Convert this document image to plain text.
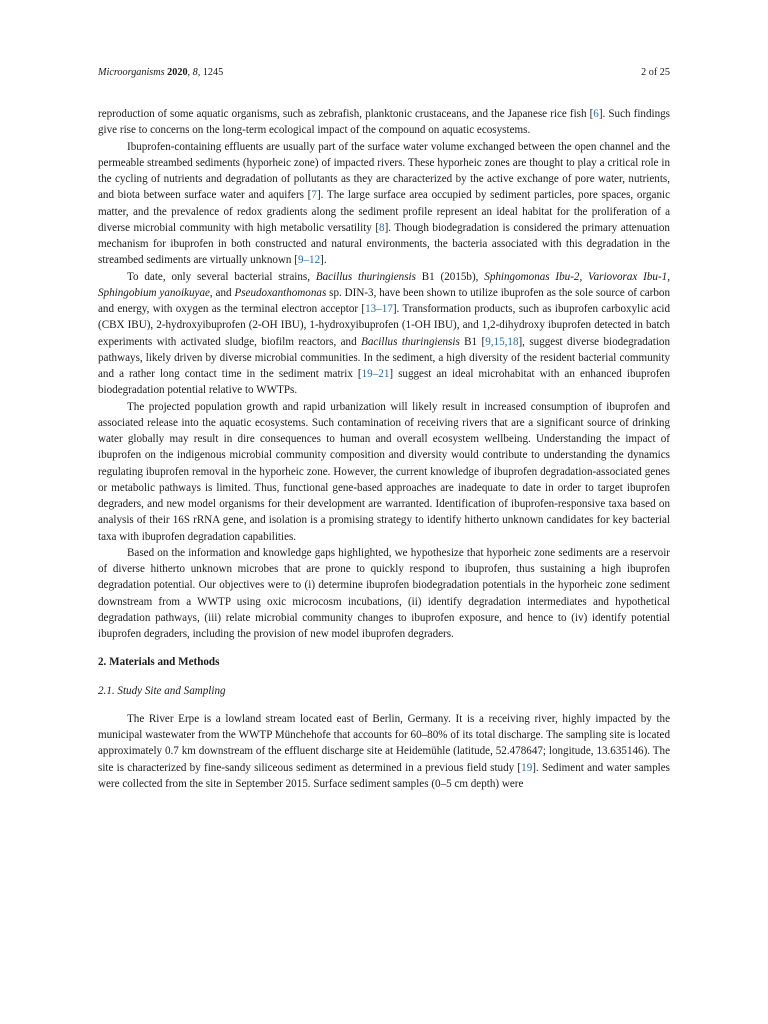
Microorganisms 2020, 8, 1245	2 of 25

reproduction of some aquatic organisms, such as zebrafish, planktonic crustaceans, and the Japanese rice fish [6]. Such findings give rise to concerns on the long-term ecological impact of the compound on aquatic ecosystems.

Ibuprofen-containing effluents are usually part of the surface water volume exchanged between the open channel and the permeable streambed sediments (hyporheic zone) of impacted rivers. These hyporheic zones are thought to play a critical role in the cycling of nutrients and degradation of pollutants as they are characterized by the active exchange of pore water, nutrients, and biota between surface water and aquifers [7]. The large surface area occupied by sediment particles, pore spaces, organic matter, and the prevalence of redox gradients along the sediment profile represent an ideal habitat for the proliferation of a diverse microbial community with high metabolic versatility [8]. Though biodegradation is considered the primary attenuation mechanism for ibuprofen in both constructed and natural environments, the bacteria associated with this degradation in the streambed sediments are virtually unknown [9–12].

To date, only several bacterial strains, Bacillus thuringiensis B1 (2015b), Sphingomonas Ibu-2, Variovorax Ibu-1, Sphingobium yanoikuyae, and Pseudoxanthomonas sp. DIN-3, have been shown to utilize ibuprofen as the sole source of carbon and energy, with oxygen as the terminal electron acceptor [13–17]. Transformation products, such as ibuprofen carboxylic acid (CBX IBU), 2-hydroxyibuprofen (2-OH IBU), 1-hydroxyibuprofen (1-OH IBU), and 1,2-dihydroxy ibuprofen detected in batch experiments with activated sludge, biofilm reactors, and Bacillus thuringiensis B1 [9,15,18], suggest diverse biodegradation pathways, likely driven by diverse microbial communities. In the sediment, a high diversity of the resident bacterial community and a rather long contact time in the sediment matrix [19–21] suggest an ideal microhabitat with an enhanced ibuprofen biodegradation potential relative to WWTPs.

The projected population growth and rapid urbanization will likely result in increased consumption of ibuprofen and associated release into the aquatic ecosystems. Such contamination of receiving rivers that are a significant source of drinking water globally may result in dire consequences to human and overall ecosystem wellbeing. Understanding the impact of ibuprofen on the indigenous microbial community composition and diversity would contribute to understanding the dynamics regulating ibuprofen removal in the hyporheic zone. However, the current knowledge of ibuprofen degradation-associated genes or metabolic pathways is limited. Thus, functional gene-based approaches are inadequate to date in order to target ibuprofen degraders, and new model organisms for their development are warranted. Identification of ibuprofen-responsive taxa based on analysis of their 16S rRNA gene, and isolation is a promising strategy to identify hitherto unknown candidates for key bacterial taxa with ibuprofen degradation capabilities.

Based on the information and knowledge gaps highlighted, we hypothesize that hyporheic zone sediments are a reservoir of diverse hitherto unknown microbes that are prone to quickly respond to ibuprofen, thus sustaining a high ibuprofen degradation potential. Our objectives were to (i) determine ibuprofen biodegradation potentials in the hyporheic zone sediment downstream from a WWTP using oxic microcosm incubations, (ii) identify degradation intermediates and hypothetical degradation pathways, (iii) relate microbial community changes to ibuprofen exposure, and hence to (iv) identify potential ibuprofen degraders, including the provision of new model ibuprofen degraders.

2. Materials and Methods

2.1. Study Site and Sampling

The River Erpe is a lowland stream located east of Berlin, Germany. It is a receiving river, highly impacted by the municipal wastewater from the WWTP Münchehofe that accounts for 60–80% of its total discharge. The sampling site is located approximately 0.7 km downstream of the effluent discharge site at Heidemühle (latitude, 52.478647; longitude, 13.635146). The site is characterized by fine-sandy siliceous sediment as determined in a previous field study [19]. Sediment and water samples were collected from the site in September 2015. Surface sediment samples (0–5 cm depth) were
